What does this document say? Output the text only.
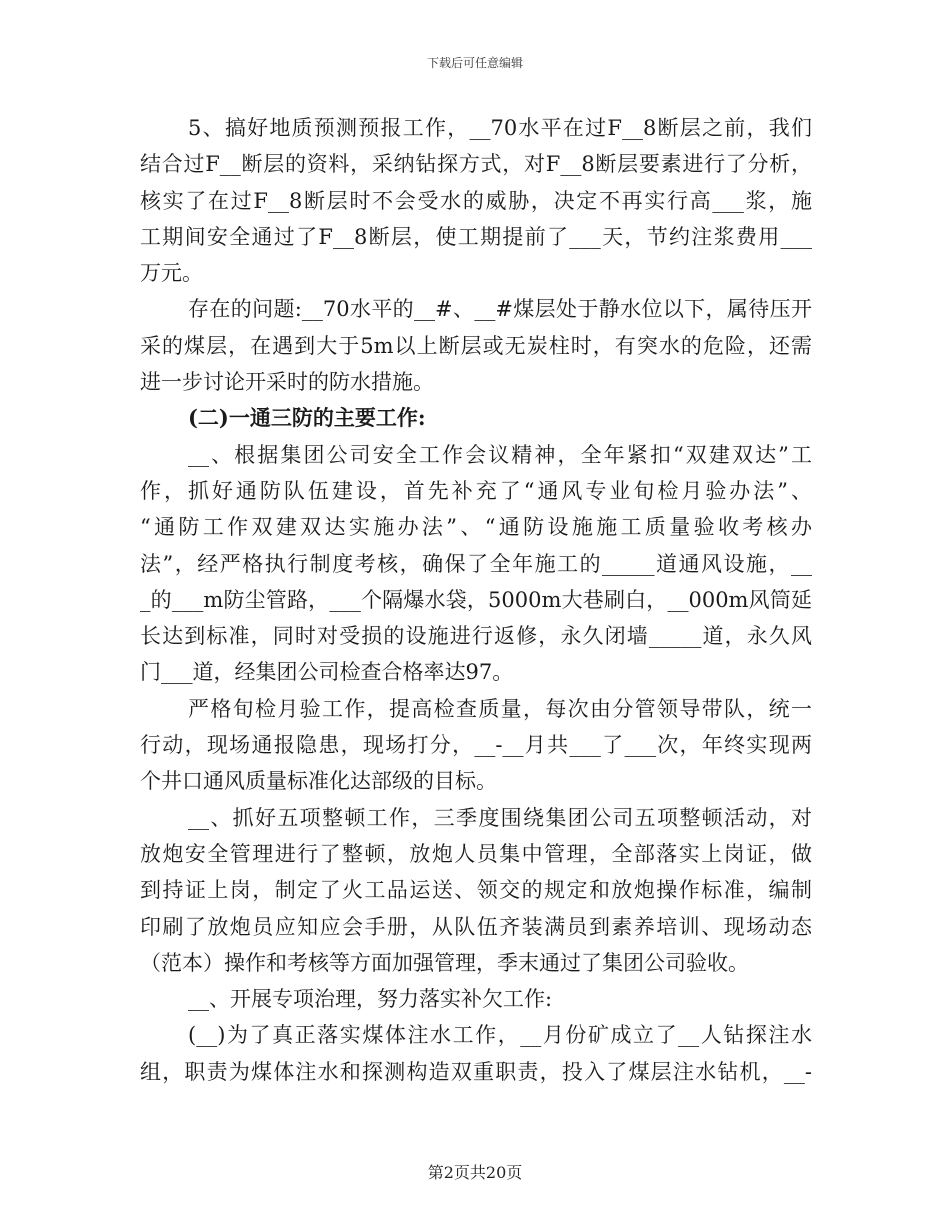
下载后可任意编辑
5、搞好地质预测预报工作，__70水平在过F__8断层之前，我们
结合过F__断层的资料，采纳钻探方式，对F__8断层要素进行了分析，
核实了在过F__8断层时不会受水的威胁，决定不再实行高___浆，施
工期间安全通过了F__8断层，使工期提前了___天，节约注浆费用___
万元。
存在的问题:__70水平的__#、__#煤层处于静水位以下，属待压开
采的煤层，在遇到大于5m以上断层或无炭柱时，有突水的危险，还需
进一步讨论开采时的防水措施。
(二)一通三防的主要工作:
__、根据集团公司安全工作会议精神，全年紧扣“双建双达”工
作，抓好通防队伍建设，首先补充了“通风专业旬检月验办法”、
“通防工作双建双达实施办法”、“通防设施施工质量验收考核办
法”，经严格执行制度考核，确保了全年施工的_____道通风设施，__
_的___m防尘管路，___个隔爆水袋，5000m大巷刷白，__000m风筒延
长达到标准，同时对受损的设施进行返修，永久闭墙_____道，永久风
门___道，经集团公司检查合格率达97。
严格旬检月验工作，提高检查质量，每次由分管领导带队，统一
行动，现场通报隐患，现场打分，__-__月共___了___次，年终实现两
个井口通风质量标准化达部级的目标。
__、抓好五项整顿工作，三季度围绕集团公司五项整顿活动，对
放炮安全管理进行了整顿，放炮人员集中管理，全部落实上岗证，做
到持证上岗，制定了火工品运送、领交的规定和放炮操作标准，编制
印刷了放炮员应知应会手册，从队伍齐装满员到素养培训、现场动态
（范本）操作和考核等方面加强管理，季末通过了集团公司验收。
__、开展专项治理，努力落实补欠工作:
(__)为了真正落实煤体注水工作，__月份矿成立了__人钻探注水
组，职责为煤体注水和探测构造双重职责，投入了煤层注水钻机，__-
第2页共20页
